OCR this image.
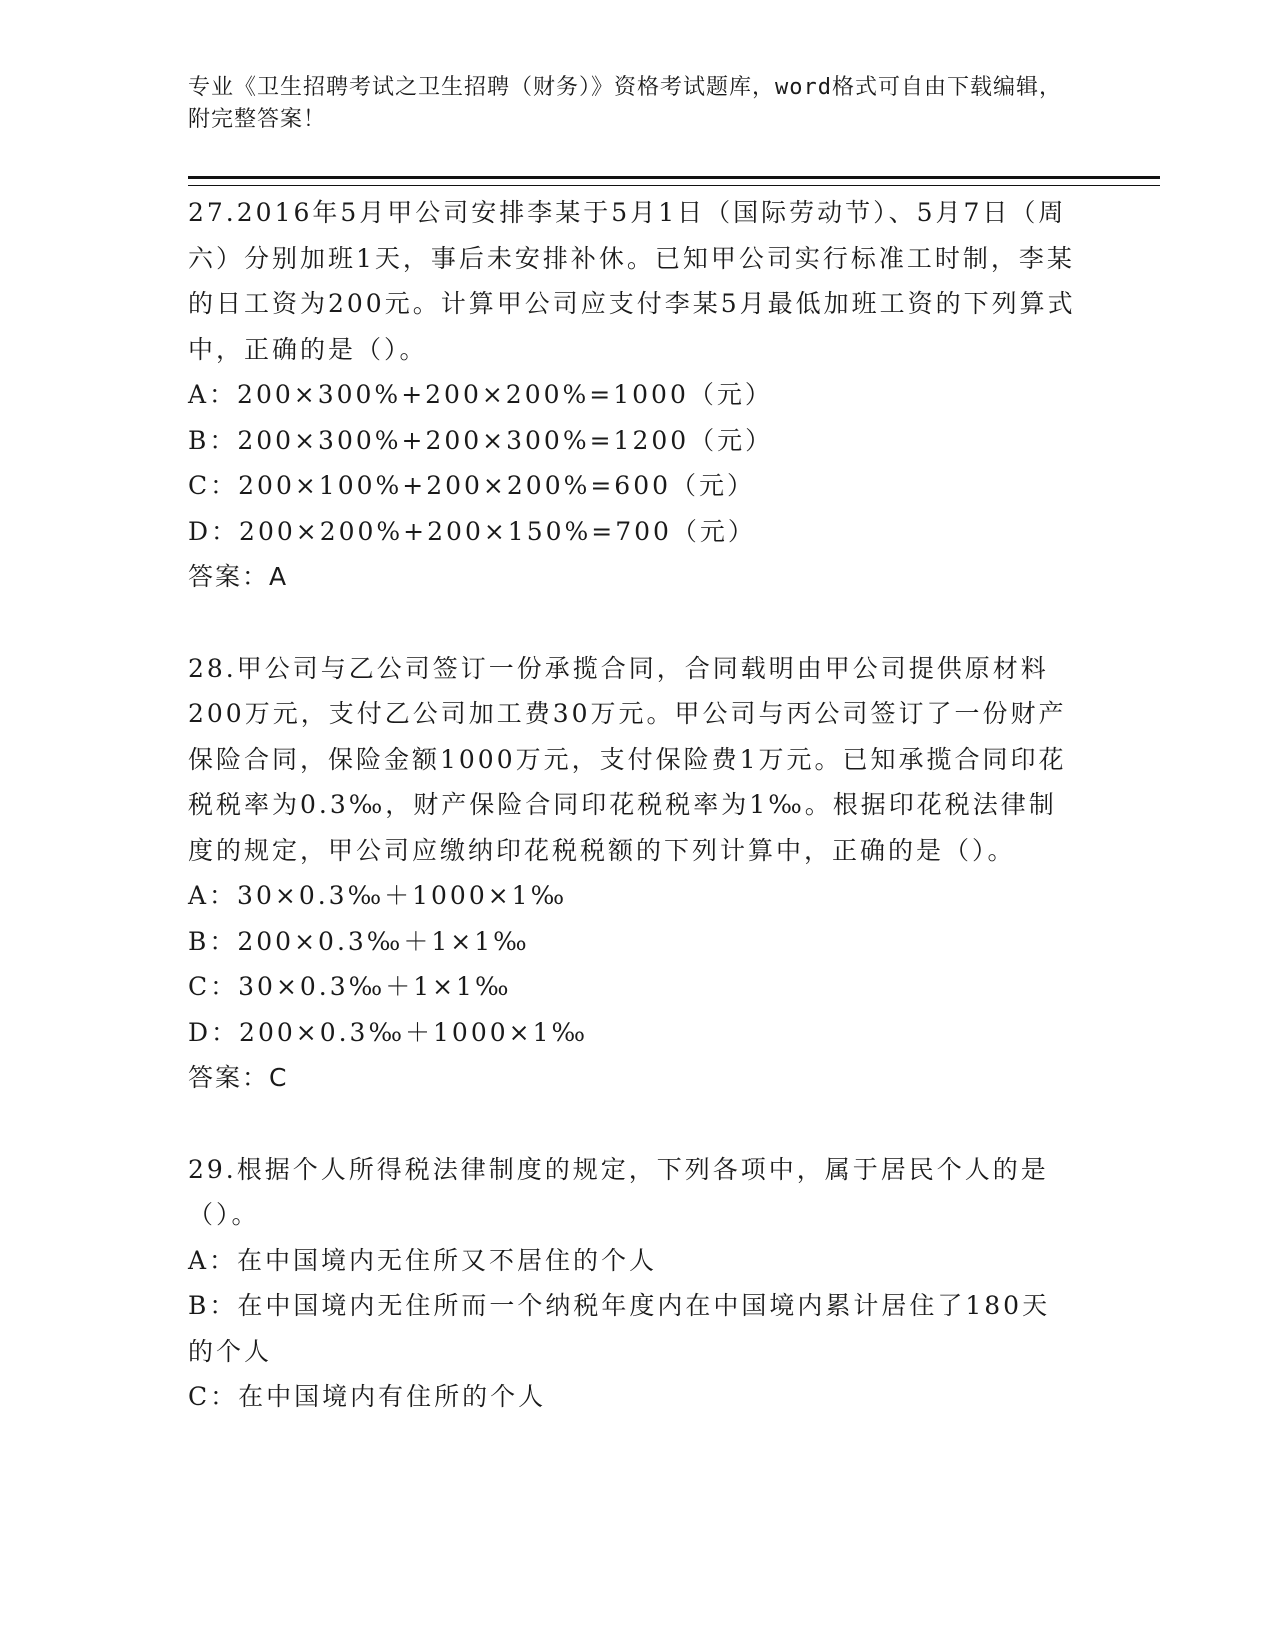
专业《卫生招聘考试之卫生招聘（财务）》资格考试题库，word格式可自由下载编辑，附完整答案！

27.2016年5月甲公司安排李某于5月1日（国际劳动节）、5月7日（周六）分别加班1天，事后未安排补休。已知甲公司实行标准工时制，李某的日工资为200元。计算甲公司应支付李某5月最低加班工资的下列算式中，正确的是（）。

A：200×300%+200×200%=1000（元）

B：200×300%+200×300%=1200（元）

C：200×100%+200×200%=600（元）

D：200×200%+200×150%=700（元）

答案：A

28.甲公司与乙公司签订一份承揽合同，合同载明由甲公司提供原材料200万元，支付乙公司加工费30万元。甲公司与丙公司签订了一份财产保险合同，保险金额1000万元，支付保险费1万元。已知承揽合同印花税税率为0.3‰，财产保险合同印花税税率为1‰。根据印花税法律制度的规定，甲公司应缴纳印花税税额的下列计算中，正确的是（）。

A：30×0.3‰＋1000×1‰

B：200×0.3‰＋1×1‰

C：30×0.3‰＋1×1‰

D：200×0.3‰＋1000×1‰

答案：C

29.根据个人所得税法律制度的规定，下列各项中，属于居民个人的是（）。

A：在中国境内无住所又不居住的个人

B：在中国境内无住所而一个纳税年度内在中国境内累计居住了180天的个人

C：在中国境内有住所的个人
